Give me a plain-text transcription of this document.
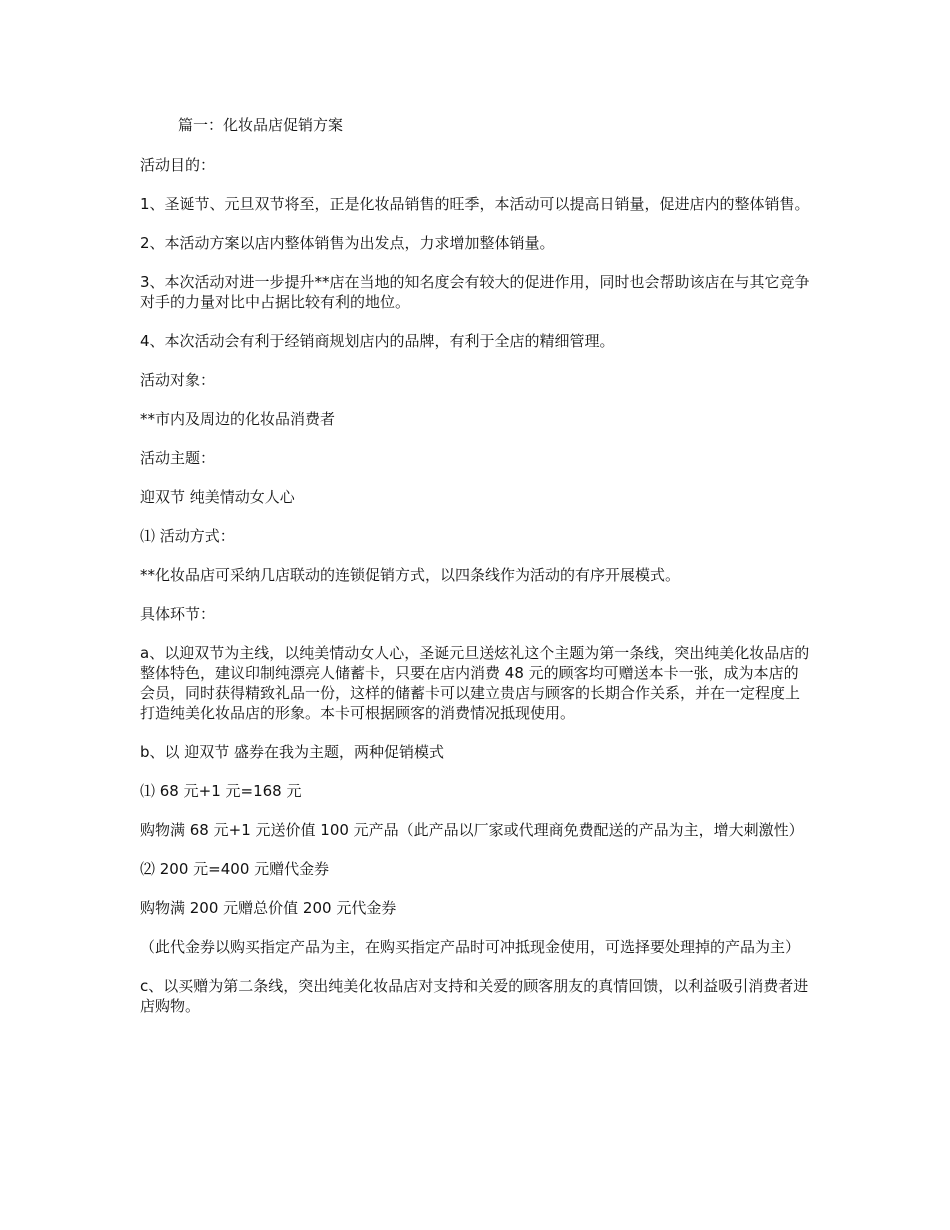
篇一：化妆品店促销方案

活动目的：

1、圣诞节、元旦双节将至，正是化妆品销售的旺季，本活动可以提高日销量，促进店内的整体销售。

2、本活动方案以店内整体销售为出发点，力求增加整体销量。

3、本次活动对进一步提升**店在当地的知名度会有较大的促进作用，同时也会帮助该店在与其它竞争对手的力量对比中占据比较有利的地位。

4、本次活动会有利于经销商规划店内的品牌，有利于全店的精细管理。

活动对象：

**市内及周边的化妆品消费者

活动主题：

迎双节 纯美情动女人心

⑴ 活动方式：

**化妆品店可采纳几店联动的连锁促销方式，以四条线作为活动的有序开展模式。

具体环节：

a、以迎双节为主线，以纯美情动女人心，圣诞元旦送炫礼这个主题为第一条线，突出纯美化妆品店的整体特色，建议印制纯漂亮人储蓄卡，只要在店内消费 48 元的顾客均可赠送本卡一张，成为本店的会员，同时获得精致礼品一份，这样的储蓄卡可以建立贵店与顾客的长期合作关系，并在一定程度上打造纯美化妆品店的形象。本卡可根据顾客的消费情况抵现使用。

b、以 迎双节 盛券在我为主题，两种促销模式

⑴ 68 元+1 元=168 元

购物满 68 元+1 元送价值 100 元产品（此产品以厂家或代理商免费配送的产品为主，增大刺激性）

⑵ 200 元=400 元赠代金券

购物满 200 元赠总价值 200 元代金券

（此代金券以购买指定产品为主，在购买指定产品时可冲抵现金使用，可选择要处理掉的产品为主）

c、以买赠为第二条线，突出纯美化妆品店对支持和关爱的顾客朋友的真情回馈，以利益吸引消费者进店购物。
